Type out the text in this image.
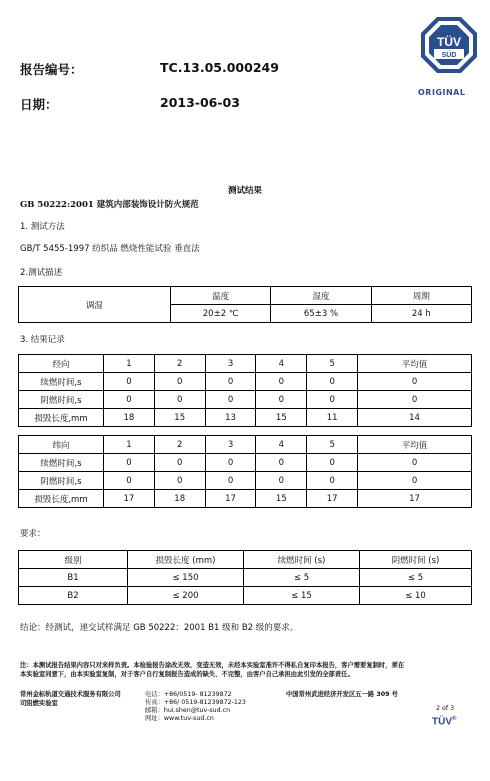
报告编号：	TC.13.05.000249
日期：	2013-06-03
TÜV
SÜD
ORIGINAL
测试结果
GB 50222:2001 建筑内部装饰设计防火规范
1. 测试方法
GB/T 5455-1997 纺织品 燃烧性能试验 垂直法
2.测试描述
调湿	温度	湿度	周期
	20±2 ℃	65±3 %	24 h
3. 结果记录
经向	1	2	3	4	5	平均值
续燃时间,s	0	0	0	0	0	0
阴燃时间,s	0	0	0	0	0	0
损毁长度,mm	18	15	13	15	11	14
纬向	1	2	3	4	5	平均值
续燃时间,s	0	0	0	0	0	0
阴燃时间,s	0	0	0	0	0	0
损毁长度,mm	17	18	17	15	17	17
要求：
级别	损毁长度 (mm)	续燃时间 (s)	阴燃时间 (s)
B1	≤ 150	≤ 5	≤ 5
B2	≤ 200	≤ 15	≤ 10
结论：经测试，递交试样满足 GB 50222：2001 B1 级和 B2 级的要求。
注：本测试报告结果内容只对来样负责。本检验报告涂改无效、变造无效，未经本实验室准许不得私自复印本报告，客户需要复制时，须在
本实验室同意下，由本实验室复制，对于客户自行复制报告造成的缺失、不完整，由客户自己承担由此引发的全部责任。
常州金标轨道交通技术服务有限公司
司阻燃实验室
电话：+86/0519- 81239872
传真：+86/ 0519-81239872-123
邮箱：hui.shen@tuv-sud.cn
网址：www.tuv-sud.cn
中国常州武进经济开发区五一路 309 号
2 of 3
TÜV®
